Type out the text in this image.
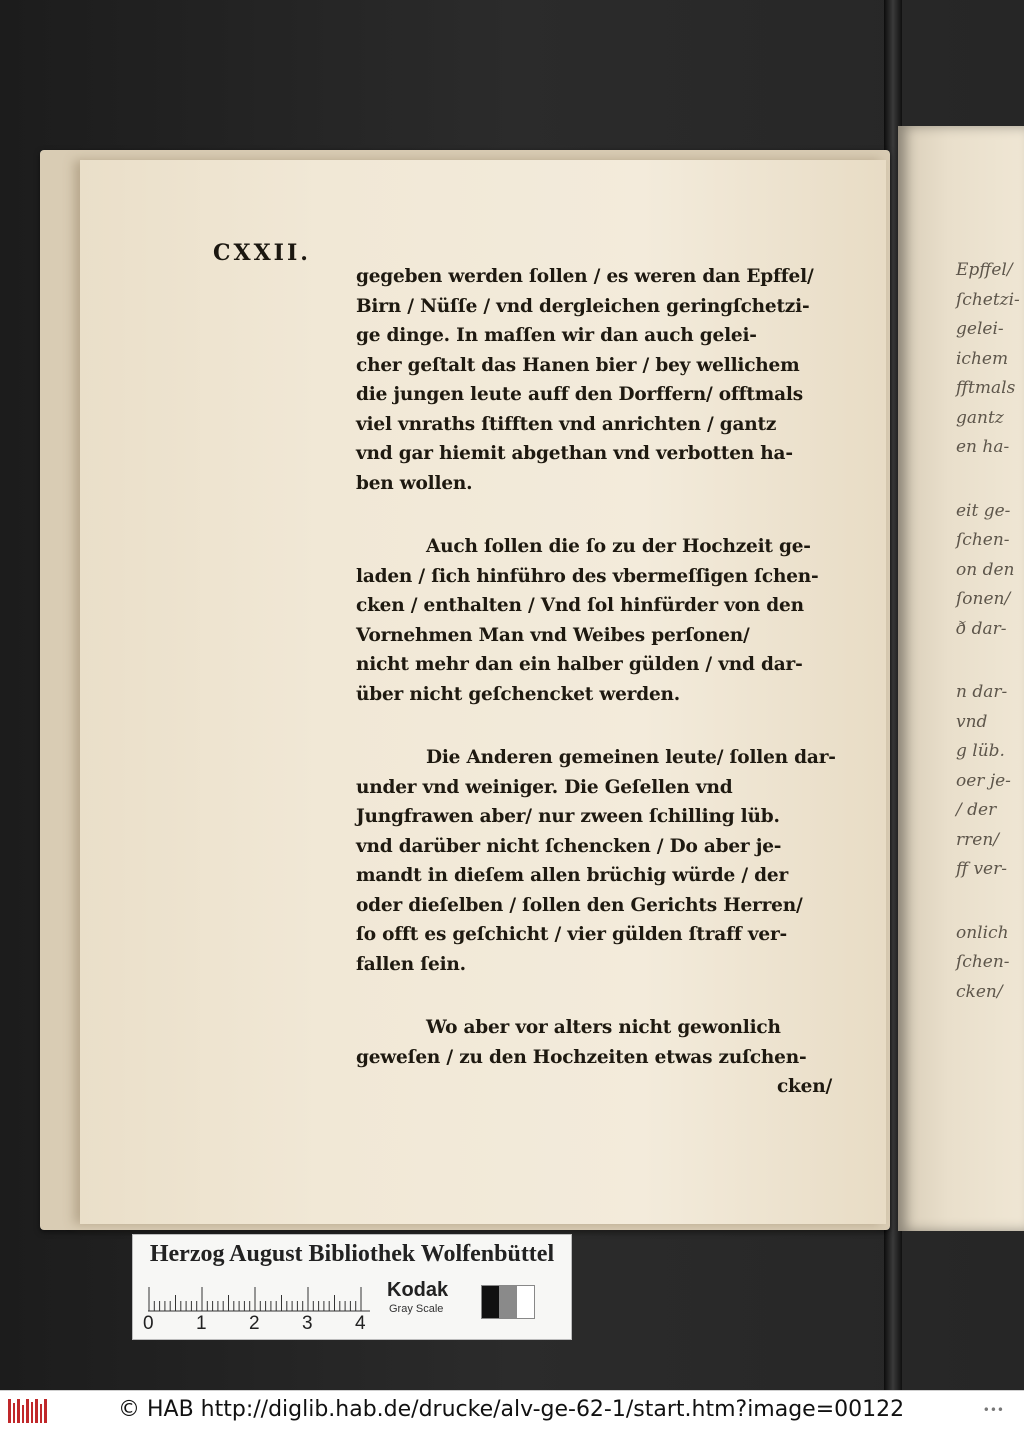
Epffel/
ſchetzi-
gelei-
ichem
fftmals
gantz
en ha-
eit ge-
ſchen-
on den
ſonen/
ð dar-
n dar-
vnd
g lüb.
oer je-
/ der
rren/
ff ver-
onlich
ſchen-
cken/
CXXII.
gegeben werden ſollen / es weren dan Epffel/
Birn / Nüſſe / vnd dergleichen geringſchetzi-
ge dinge. In maſſen wir dan auch gelei-
cher geſtalt das Hanen bier / bey wellichem
die jungen leute auff den Dorffern/ offtmals
viel vnraths ſtifften vnd anrichten / gantz
vnd gar hiemit abgethan vnd verbotten ha-
ben wollen.
Auch ſollen die ſo zu der Hochzeit ge-
laden / ſich hinführo des vbermeſſigen ſchen-
cken / enthalten / Vnd ſol hinfürder von den
Vornehmen Man vnd Weibes perſonen/
nicht mehr dan ein halber gülden / vnd dar-
über nicht geſchencket werden.
Die Anderen gemeinen leute/ ſollen dar-
under vnd weiniger. Die Geſellen vnd
Jungfrawen aber/ nur zween ſchilling lüb.
vnd darüber nicht ſchencken / Do aber je-
mandt in dieſem allen brüchig würde / der
oder dieſelben / ſollen den Gerichts Herren/
ſo offt es geſchicht / vier gülden ſtraff ver-
fallen ſein.
Wo aber vor alters nicht gewonlich
geweſen / zu den Hochzeiten etwas zuſchen-
cken/
Herzog August Bibliothek Wolfenbüttel
0 1 2 3 4
Kodak
Gray Scale
© HAB http://diglib.hab.de/drucke/alv-ge-62-1/start.htm?image=00122	•••
